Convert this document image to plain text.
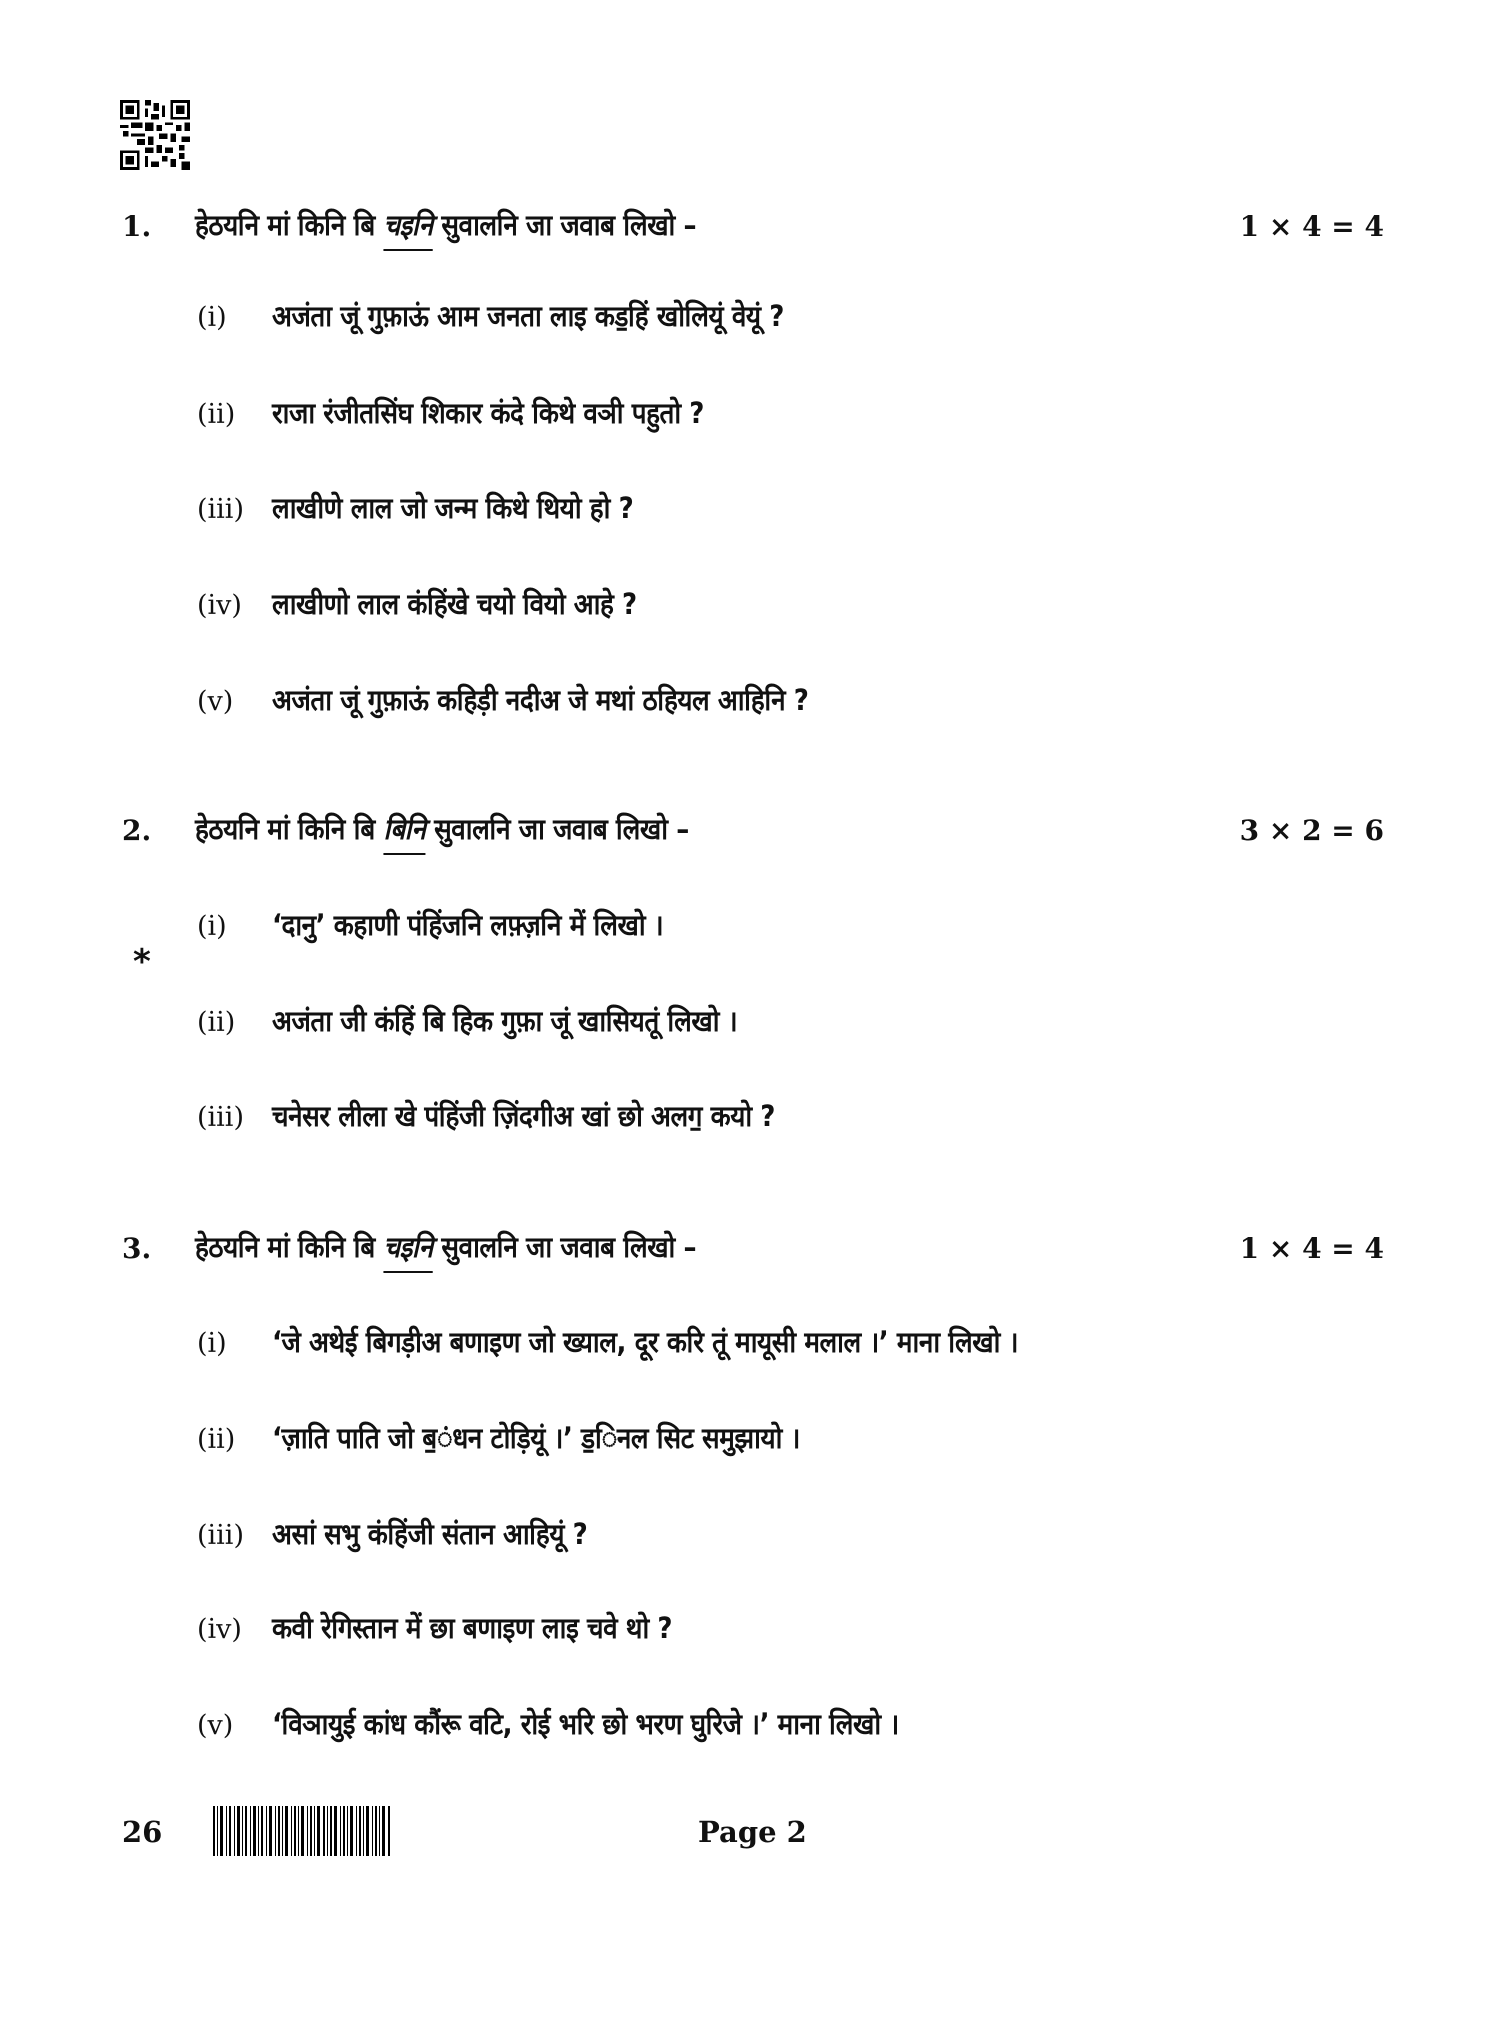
1. हेठयनि मां किनि बि चइनि सुवालनि जा जवाब लिखो –	1 × 4 = 4
(i) अजंता जूं गुफ़ाऊं आम जनता लाइ कड॒हिं खोलियूं वेयूं ?
(ii) राजा रंजीतसिंघ शिकार कंदे किथे वञी पहुतो ?
(iii) लाखीणे लाल जो जन्म किथे थियो हो ?
(iv) लाखीणो लाल कंहिंखे चयो वियो आहे ?
(v) अजंता जूं गुफ़ाऊं कहिड़ी नदीअ जे मथां ठहियल आहिनि ?
2. हेठयनि मां किनि बि बिनि सुवालनि जा जवाब लिखो –	3 × 2 = 6
(i) ‘दानु’ कहाणी पंहिंजनि लफ़्ज़नि में लिखो ।
*
(ii) अजंता जी कंहिं बि हिक गुफ़ा जूं खासियतूं लिखो ।
(iii) चनेसर लीला खे पंहिंजी ज़िंदगीअ खां छो अलग॒ कयो ?
3. हेठयनि मां किनि बि चइनि सुवालनि जा जवाब लिखो –	1 × 4 = 4
(i) ‘जे अथेई बिगड़ीअ बणाइण जो ख्याल, दूर करि तूं मायूसी मलाल ।’ माना लिखो ।
(ii) ‘ज़ाति पाति जो ब॒ंधन टोड़ियूं ।’ ड॒िनल सिट समुझायो ।
(iii) असां सभु कंहिंजी संतान आहियूं ?
(iv) कवी रेगिस्तान में छा बणाइण लाइ चवे थो ?
(v) ‘विञायुई कांध कौंरू वटि, रोई भरि छो भरण घुरिजे ।’ माना लिखो ।
26	Page 2
